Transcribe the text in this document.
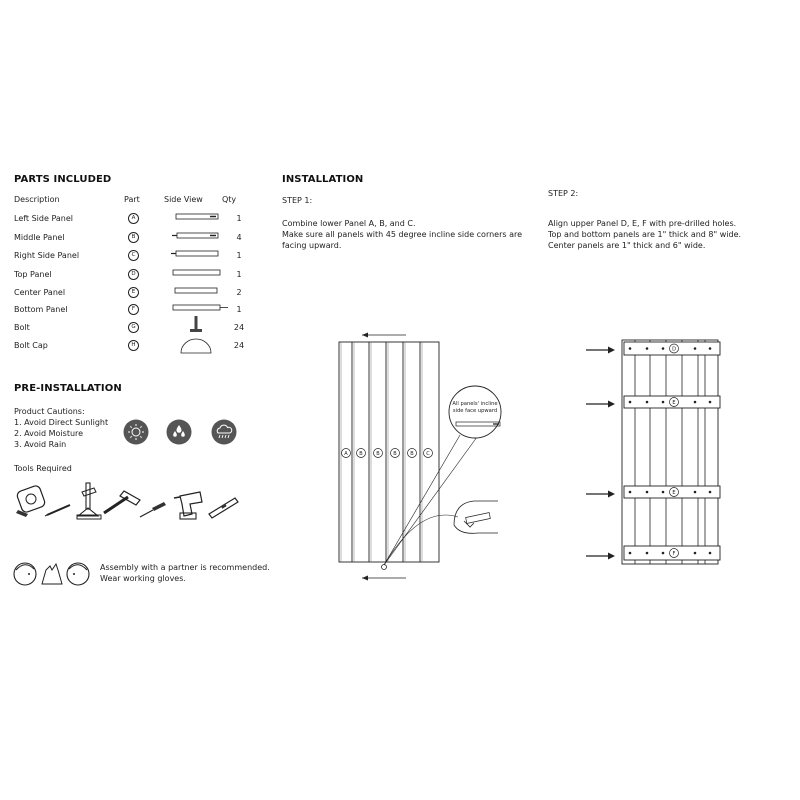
PARTS INCLUDED
Description	Part	Side View Qty
Left Side Panel	A	1
Middle Panel	B	4
Right Side Panel	C	1
Top Panel	D	1
Center Panel	E	2
Bottom Panel	F	1
Bolt	G	24
Bolt Cap	H	24
PRE-INSTALLATION
Product Cautions:
1. Avoid Direct Sunlight
2. Avoid Moisture
3. Avoid Rain
Tools Required
Assembly with a partner is recommended.
Wear working gloves.
INSTALLATION
STEP 1:
Combine lower Panel A, B, and C.
Make sure all panels with 45 degree incline side corners are
facing upward.
STEP 2:
Align upper Panel D, E, F with pre-drilled holes.
Top and bottom panels are 1" thick and 8" wide.
Center panels are 1" thick and 6" wide.
A B	B	B	B	C
All panels' incline
side face upward
D
E
E
F
